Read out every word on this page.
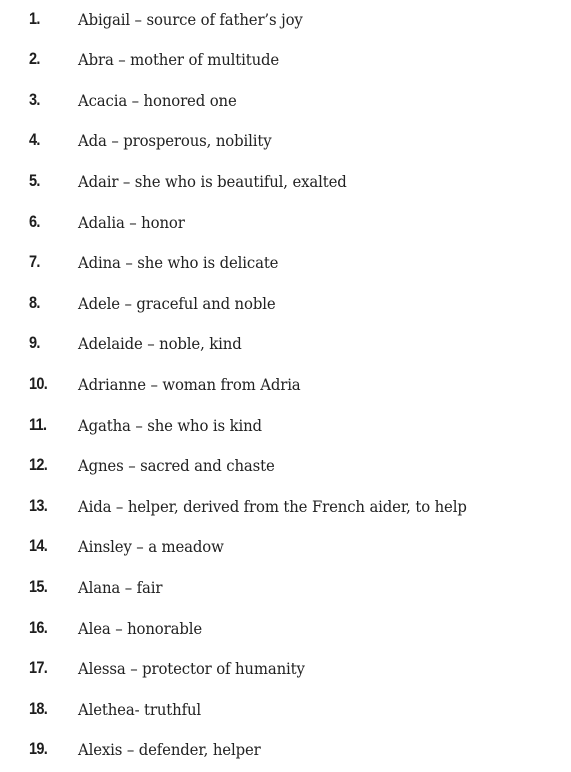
1. Abigail – source of father’s joy
2. Abra – mother of multitude
3. Acacia – honored one
4. Ada – prosperous, nobility
5. Adair – she who is beautiful, exalted
6. Adalia – honor
7. Adina – she who is delicate
8. Adele – graceful and noble
9. Adelaide – noble, kind
10. Adrianne – woman from Adria
11. Agatha – she who is kind
12. Agnes – sacred and chaste
13. Aida – helper, derived from the French aider, to help
14. Ainsley – a meadow
15. Alana – fair
16. Alea – honorable
17. Alessa – protector of humanity
18. Alethea- truthful
19. Alexis – defender, helper
